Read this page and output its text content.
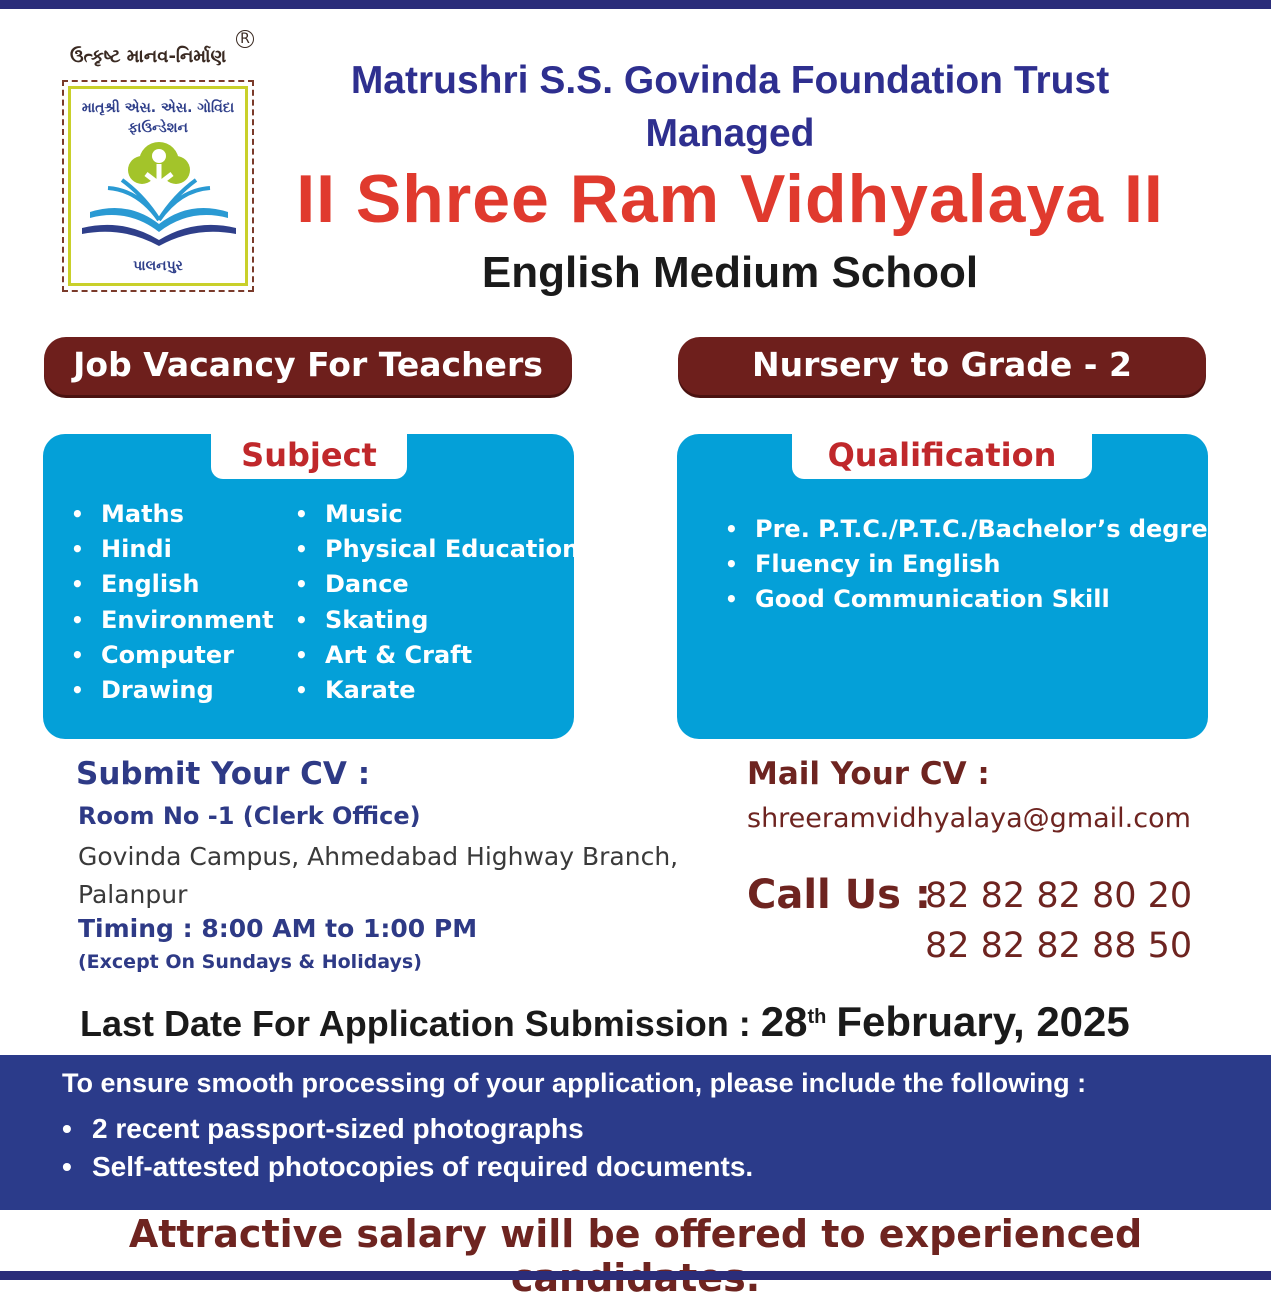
ઉત્કૃષ્ટ માનવ-નિર્માણ
R
માતૃશ્રી એસ. એસ. ગોવિંદા ફાઉન્ડેશન
પાલનપુર
Matrushri S.S. Govinda Foundation Trust Managed
II Shree Ram Vidhyalaya II
English Medium School
Job Vacancy For Teachers	Nursery to Grade - 2
Subject
• Maths
• Hindi
• English
• Environment
• Computer
• Drawing
• Music
• Physical Education
• Dance
• Skating
• Art & Craft
• Karate
Qualification
• Pre. P.T.C./P.T.C./Bachelor’s degree
• Fluency in English
• Good Communication Skill
Submit Your CV :
Room No -1 (Clerk Office)
Govinda Campus, Ahmedabad Highway Branch, Palanpur
Timing : 8:00 AM to 1:00 PM
(Except On Sundays & Holidays)
Mail Your CV :
shreeramvidhyalaya@gmail.com
Call Us :
82 82 82 80 20
82 82 82 88 50
Last Date For Application Submission : 28th February, 2025
To ensure smooth processing of your application, please include the following :
• 2 recent passport-sized photographs
• Self-attested photocopies of required documents.
Attractive salary will be offered to experienced
